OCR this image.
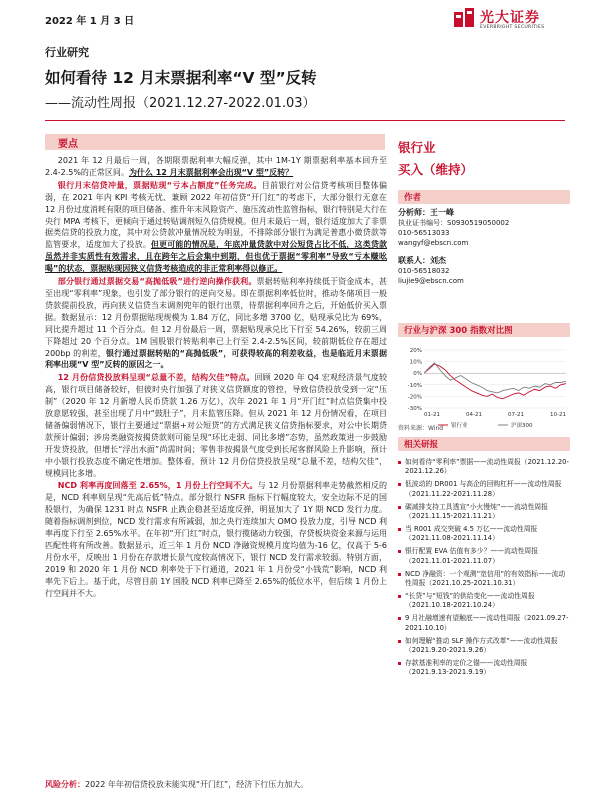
2022 年 1 月 3 日	光大证券
EVERBRIGHT SECURITIES
行业研究
如何看待 12 月末票据利率“V 型”反转
——流动性周报（2021.12.27-2022.01.03）
要点

2021 年 12 月最后一周，各期限票据利率大幅反弹，其中 1M-1Y 期票据利率基本回升至 2.4-2.5%的正常区间。为什么 12 月末票据利率会出现“V 型”反转？

银行月末信贷冲量，票据贴现“亏本占额度”任务完成。目前银行对公信贷考核项目整体偏弱，在 2021 年内 KPI 考核无忧、兼顾 2022 年初信贷“开门红”的考虑下，大部分银行无意在 12 月份过度消耗有限的项目储备、推升年末风险资产、施压流动性监管指标，银行特别是大行在央行 MPA 考核下，更倾向于通过转贴调剂短久信贷规模。但月末最后一周，银行适度加大了非票据类信贷的投放力度，其中对公贷款冲量情况较为明显，不排除部分银行为满足普惠小微贷款等监管要求，适度加大了投放。但更可能的情况是，年底冲量贷款中对公短贷占比不低，这类贷款虽然并非实质性有效需求，且在跨年之后会集中到期，但也优于票据“零利率”导致“亏本赚吆喝”的状态，票据贴现因狭义信贷考核造成的非正常利率得以修正。

部分银行通过票据交易“高抛低吸”进行逆向操作获利。票据转贴利率持续低于资金成本，甚至出现“零利率”现象，也引发了部分银行的逆向交易。即在票据利率低位时，推动冬储项目一般贷款提前投放，再向狭义信贷当末调剂兜年的银行出票，待票据利率回升之后，开始低价买入票据。数据显示：12 月份票据贴现规模为 1.84 万亿，同比多增 3700 亿，贴现承兑比为 69%，同比提升超过 11 个百分点。但 12 月份最后一周，票据贴现承兑比下行至 54.26%，较前三周下降超过 20 个百分点。1M 国股银行转贴利率已上行至 2.4-2.5%区间，较前期低位存在超过 200bp 的利差，银行通过票据转贴的“高抛低吸”，可获得较高的利差收益，也是临近月末票据利率出现“V 型”反转的原因之一。

12 月份信贷投放料呈现“总量不差，结构欠佳”特点。回顾 2020 年 Q4 宏观经济景气度较高，银行项目储备较好，但彼时央行加强了对狭义信贷额度的管控，导致信贷投放受到一定“压制”（2020 年 12 月新增人民币贷款 1.26 万亿），次年 2021 年 1 月“开门红”时点信贷集中投放意愿较强，甚至出现了月中“鼓肚子”，月末监管压降。但从 2021 年 12 月份情况看，在项目储备偏弱情况下，银行主要通过“票据+对公短贷”的方式满足狭义信贷指标要求，对公中长期贷款预计偏弱；涉房类融资按揭贷款则可能呈现“环比走弱、同比多增”态势，虽然政策进一步鼓励开发贷投放，但增长“浮出水面”尚需时间；零售非按揭景气度受到长尾客群风险上升影响，预计中小银行投放态度不确定性增加。整体看，预计 12 月份信贷投放呈现“总量不差，结构欠佳”，规模同比多增。

NCD 利率再度回落至 2.65%，1 月份上行空间不大。与 12 月份票据利率走势截然相反的是，NCD 利率则呈现“先高后低”特点。部分银行 NSFR 指标下行幅度较大，安全边际不足的国股银行，为确保 1231 时点 NSFR 止跌企稳甚至适度反弹，明显加大了 1Y 期 NCD 发行力度。随着指标调剂到位，NCD 发行需求有所减弱，加之央行连续加大 OMO 投放力度，引导 NCD 利率再度下行至 2.65%水平。在年初“开门红”时点，银行揽储动力较强，存贷板块资金来源与运用匹配性将有所改善。数据显示，近三年 1 月份 NCD 净融资规模月度均值为-16 亿，仅高于 5-6 月份水平，反映出 1 月份在存款增长景气度较高情况下，银行 NCD 发行需求较弱。特别方面，2019 和 2020 年 1 月份 NCD 利率处于下行通道，2021 年 1 月份受“小钱荒”影响，NCD 利率先下后上。基于此，尽管目前 1Y 国股 NCD 利率已降至 2.65%的低位水平，但后续 1 月份上行空间并不大。

风险分析：2022 年年初信贷投放未能实现“开门红”，经济下行压力加大。
银行业
买入（维持）
作者
分析师：王一峰
执业证书编号：S0930519050002
010-56513033
wangyf@ebscn.com
联系人：刘杰
010-56518032
liujie9@ebscn.com
行业与沪深 300 指数对比图
20%
10%
0%
-10%
-20%
-30%
01-21	04-21	07-21	10-21
银行业	沪深300
资料来源：Wind
相关研报
如何看待“零利率”票据——流动性周报（2021.12.20-2021.12.26）
低波动的 DR001 与高企的回购杠杆——流动性周报（2021.11.22-2021.11.28）
碳减排支持工具透宣“小火慢炖”——流动性周报（2021.11.15-2021.11.21）
当 R001 成交突破 4.5 万亿——流动性周报（2021.11.08-2021.11.14）
银行配置 EVA 估值有多少？——流动性周报（2021.11.01-2021.11.07）
NCD 净融资：一个观测“宽信用”的有效指标——流动性周报（2021.10.25-2021.10.31）
“长贷”与“短钱”的供给变化——流动性周报（2021.10.18-2021.10.24）
9 月社融增速有望触底——流动性周报（2021.09.27-2021.10.10）
如何理解“推动 SLF 操作方式改革”——流动性周报（2021.9.20-2021.9.26）
存款基准利率的定价之锚——流动性周报（2021.9.13-2021.9.19）
